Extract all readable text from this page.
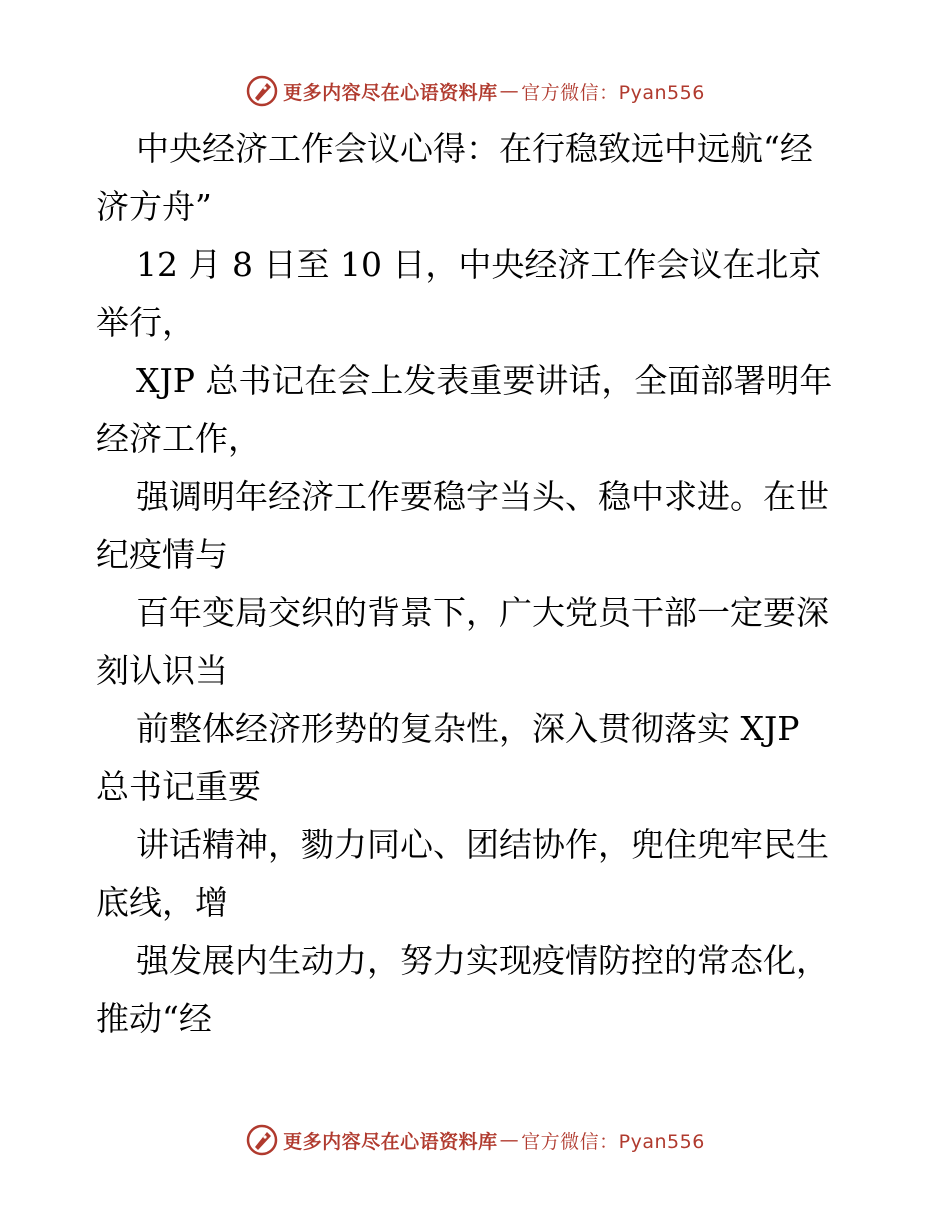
更多内容尽在心语资料库 — 官方微信：Pyan556
中央经济工作会议心得：在行稳致远中远航“经
济方舟”
12 月 8 日至 10 日，中央经济工作会议在北京
举行，
XJP 总书记在会上发表重要讲话，全面部署明年
经济工作，
强调明年经济工作要稳字当头、稳中求进。在世
纪疫情与
百年变局交织的背景下，广大党员干部一定要深
刻认识当
前整体经济形势的复杂性，深入贯彻落实 XJP
总书记重要
讲话精神，勠力同心、团结协作，兜住兜牢民生
底线，增
强发展内生动力，努力实现疫情防控的常态化，
推动“经
更多内容尽在心语资料库 — 官方微信：Pyan556
